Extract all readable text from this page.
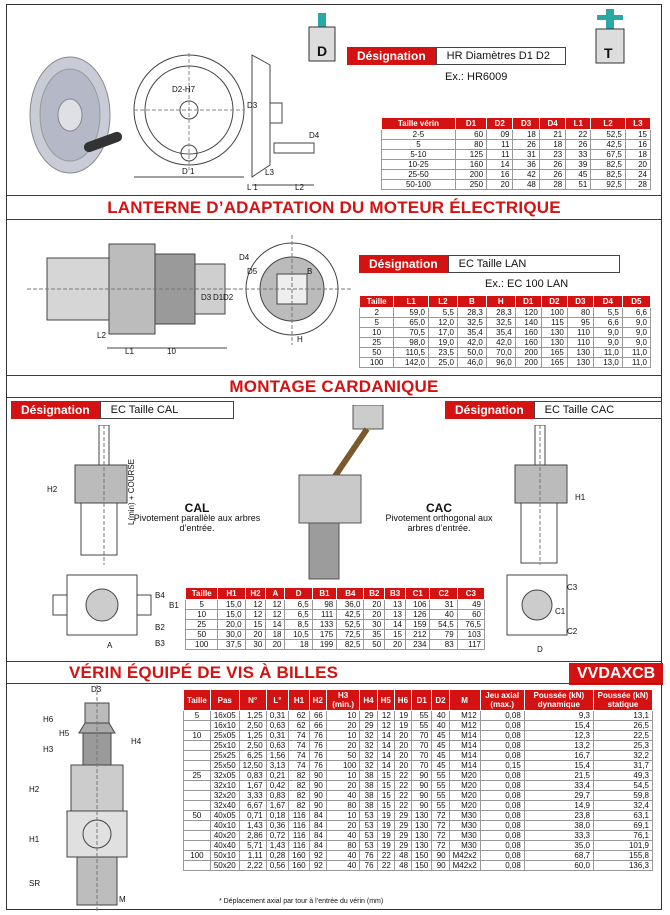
D2-H7
D 1
D3
D4
L 1	L2
L3
D	Désignation	HR Diamètres D1 D2
Ex.: HR6009
T
Taille vérin	D1	D2	D3	D4	L1	L2	L3
2-5	60	09	18	21	22	52,5	15
5	80	11	26	18	26	42,5	16
5-10	125	11	31	23	33	67,5	18
10-25	160	14	36	26	39	82,5	20
25-50	200	16	42	26	45	82,5	24
50-100	250	20	48	28	51	92,5	28
LANTERNE D’ADAPTATION DU MOTEUR ÉLECTRIQUE
L1
L2
10
D1 D2
D3
D4
D5	B
H
Désignation	EC Taille LAN
Ex.: EC 100 LAN
Taille	L1	L2	B	H	D1	D2	D3	D4	D5
2	59,0	5,5	28,3	28,3	120	100	80	5,5	6,6
5	65,0	12,0	32,5	32,5	140	115	95	6,6	9,0
10	70,5	17,0	35,4	35,4	160	130	110	9,0	9,0
25	98,0	19,0	42,0	42,0	160	130	110	9,0	9,0
50	110,5	23,5	50,0	70,0	200	165	130	11,0	11,0
100	142,0	25,0	46,0	96,0	200	165	130	13,0	11,0
MONTAGE CARDANIQUE
Désignation	EC Taille CAL	Désignation	EC Taille CAC
H2	L(min) + COURSE
B4
B1
B2
B3
A
CAL
Pivotement parallèle aux arbres d’entrée.
CAC
Pivotement orthogonal aux arbres d’entrée.
H1
C3
C1
C2
D
Taille	H1	H2	A	D	B1	B4	B2	B3	C1	C2	C3
5	15,0	12	12	6,5	98	36,0	20	13	106	31	49
10	15,0	12	12	6,5	111	42,5	20	13	126	40	60
25	20,0	15	14	8,5	133	52,5	30	14	159	54,5	76,5
50	30,0	20	18	10,5	175	72,5	35	15	212	79	103
100	37,5	30	20	18	199	82,5	50	20	234	83	117
VÉRIN ÉQUIPÉ DE VIS À BILLES	VVDAXCB
D3
H6
H5
H3
H4
H2
H1
SR
M
Taille	Pas	N°	L°	H1	H2	H3 (min.)	H4	H5	H6	D1	D2	M	Jeu axial (max.)	Poussée (kN) dynamique	Poussée (kN) statique
5	16x05	1,25	0,31	62	66	10	29	12	19	55	40	M12	0,08	9,3	13,1
	16x10	2,50	0,63	62	66	20	29	12	19	55	40	M12	0,08	15,4	26,5
10	25x05	1,25	0,31	74	76	10	32	14	20	70	45	M14	0,08	12,3	22,5
	25x10	2,50	0,63	74	76	20	32	14	20	70	45	M14	0,08	13,2	25,3
	25x25	6,25	1,56	74	76	50	32	14	20	70	45	M14	0,08	16,7	32,2
	25x50	12,50	3,13	74	76	100	32	14	20	70	45	M14	0,15	15,4	31,7
25	32x05	0,83	0,21	82	90	10	38	15	22	90	55	M20	0,08	21,5	49,3
	32x10	1,67	0,42	82	90	20	38	15	22	90	55	M20	0,08	33,4	54,5
	32x20	3,33	0,83	82	90	40	38	15	22	90	55	M20	0,08	29,7	59,8
	32x40	6,67	1,67	82	90	80	38	15	22	90	55	M20	0,08	14,9	32,4
50	40x05	0,71	0,18	116	84	10	53	19	29	130	72	M30	0,08	23,8	63,1
	40x10	1,43	0,36	116	84	20	53	19	29	130	72	M30	0,08	38,0	69,1
	40x20	2,86	0,72	116	84	40	53	19	29	130	72	M30	0,08	33,3	76,1
	40x40	5,71	1,43	116	84	80	53	19	29	130	72	M30	0,08	35,0	101,9
100	50x10	1,11	0,28	160	92	40	76	22	48	150	90	M42x2	0,08	68,7	155,8
	50x20	2,22	0,56	160	92	40	76	22	48	150	90	M42x2	0,08	60,0	136,3
* Déplacement axial par tour à l’entrée du vérin (mm)
